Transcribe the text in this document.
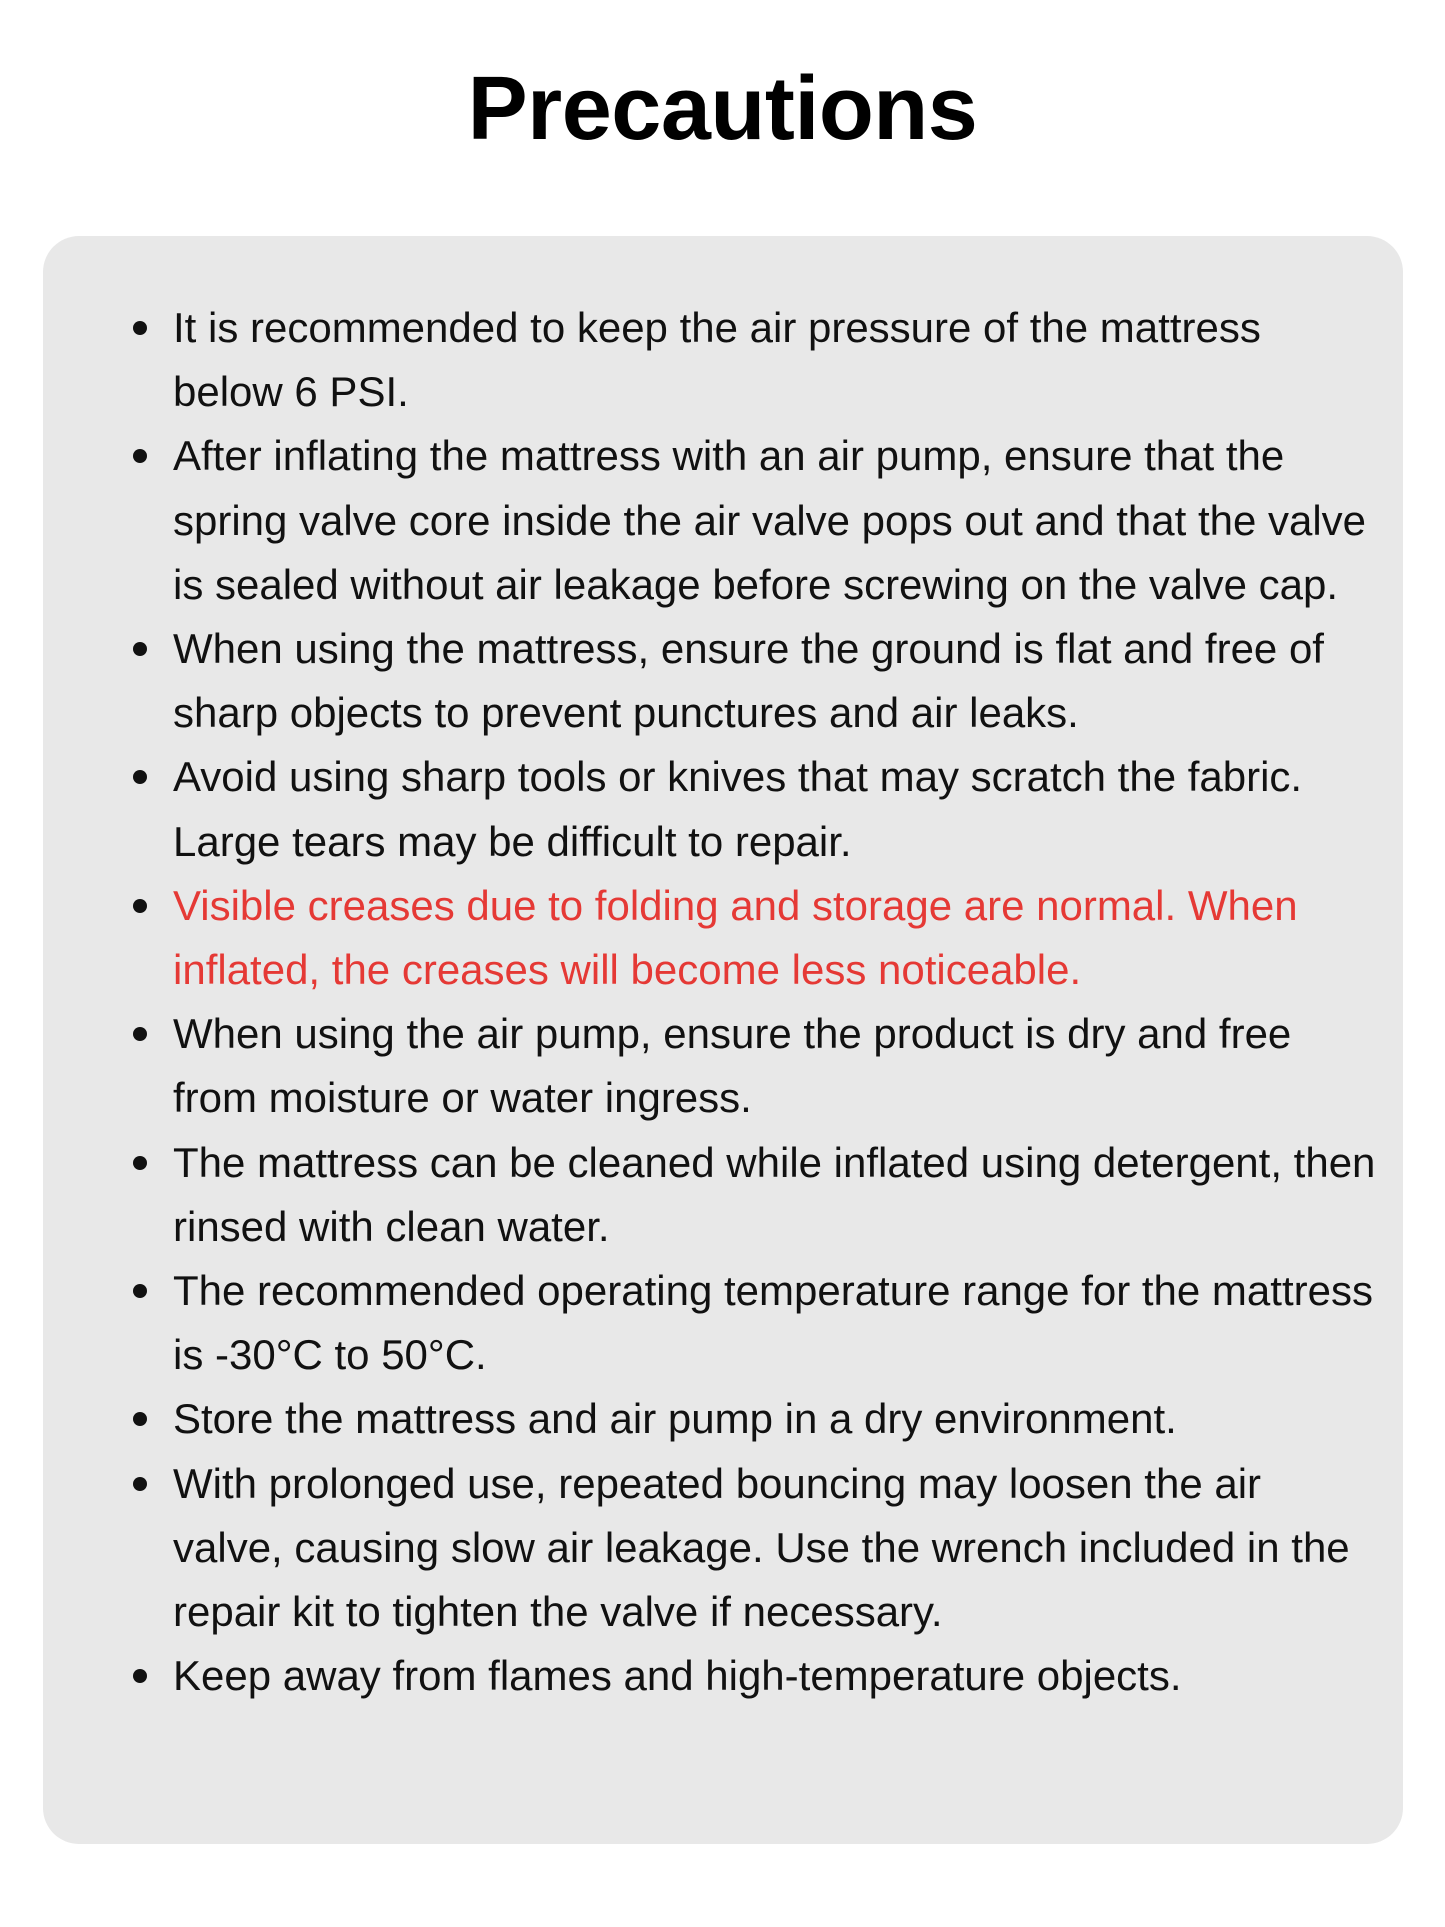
Precautions
It is recommended to keep the air pressure of the mattress below 6 PSI.
After inflating the mattress with an air pump, ensure that the spring valve core inside the air valve pops out and that the valve is sealed without air leakage before screwing on the valve cap.
When using the mattress, ensure the ground is flat and free of sharp objects to prevent punctures and air leaks.
Avoid using sharp tools or knives that may scratch the fabric. Large tears may be difficult to repair.
Visible creases due to folding and storage are normal. When inflated, the creases will become less noticeable.
When using the air pump, ensure the product is dry and free from moisture or water ingress.
The mattress can be cleaned while inflated using detergent, then rinsed with clean water.
The recommended operating temperature range for the mattress is -30°C to 50°C.
Store the mattress and air pump in a dry environment.
With prolonged use, repeated bouncing may loosen the air valve, causing slow air leakage. Use the wrench included in the repair kit to tighten the valve if necessary.
Keep away from flames and high-temperature objects.
